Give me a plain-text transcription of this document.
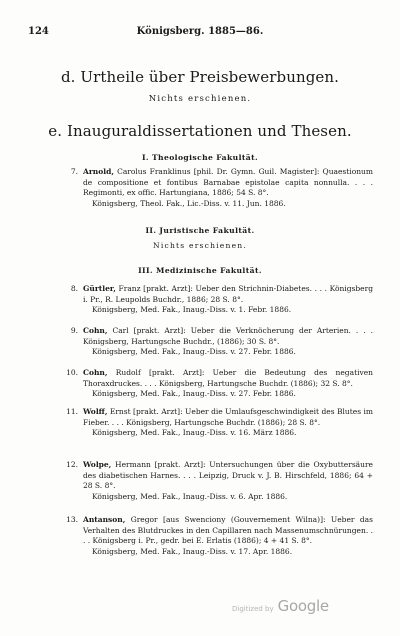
124	Königsberg. 1885—86.
d. Urtheile über Preisbewerbungen.
Nichts erschienen.
e. Inauguraldissertationen und Thesen.
I. Theologische Fakultät.
7. Arnold, Carolus Franklinus [phil. Dr. Gymn. Guil. Magister]: Quaestionum de compositione et fontibus Barnabae epistolae capita nonnulla. . . . Regimonti, ex offic. Hartungiana, 1886; 54 S. 8°.
Königsberg, Theol. Fak., Lic.-Diss. v. 11. Jun. 1886.
II. Juristische Fakultät.
Nichts erschienen.
III. Medizinische Fakultät.
8. Gürtler, Franz [prakt. Arzt]: Ueber den Strichnin-Diabetes. . . . Königsberg i. Pr., R. Leupolds Buchdr., 1886; 28 S. 8°.
Königsberg, Med. Fak., Inaug.-Diss. v. 1. Febr. 1886.
9. Cohn, Carl [prakt. Arzt]: Ueber die Verknöcherung der Arterien. . . . Königsberg, Hartungsche Buchdr., (1886); 30 S. 8°.
Königsberg, Med. Fak., Inaug.-Diss. v. 27. Febr. 1886.
10. Cohn, Rudolf [prakt. Arzt]: Ueber die Bedeutung des negativen Thoraxdruckes. . . . Königsberg, Hartungsche Buchdr. (1886); 32 S. 8°.
Königsberg, Med. Fak., Inaug.-Diss. v. 27. Febr. 1886.
11. Wolff, Ernst [prakt. Arzt]: Ueber die Umlaufsgeschwindigkeit des Blutes im Fieber. . . . Königsberg, Hartungsche Buchdr. (1886); 28 S. 8°.
Königsberg, Med. Fak., Inaug.-Diss. v. 16. März 1886.
12. Wolpe, Hermann [prakt. Arzt]: Untersuchungen über die Oxybuttersäure des diabetischen Harnes. . . . Leipzig, Druck v. J. B. Hirschfeld, 1886; 64 + 28 S. 8°.
Königsberg, Med. Fak., Inaug.-Diss. v. 6. Apr. 1886.
13. Antanson, Gregor [aus Swenciony (Gouvernement Wilna)]: Ueber das Verhalten des Blutdruckes in den Capillaren nach Massenumschnürungen. . . . Königsberg i. Pr., gedr. bei E. Erlatis (1886); 4 + 41 S. 8°.
Königsberg, Med. Fak., Inaug.-Diss. v. 17. Apr. 1886.
Digitized by Google
